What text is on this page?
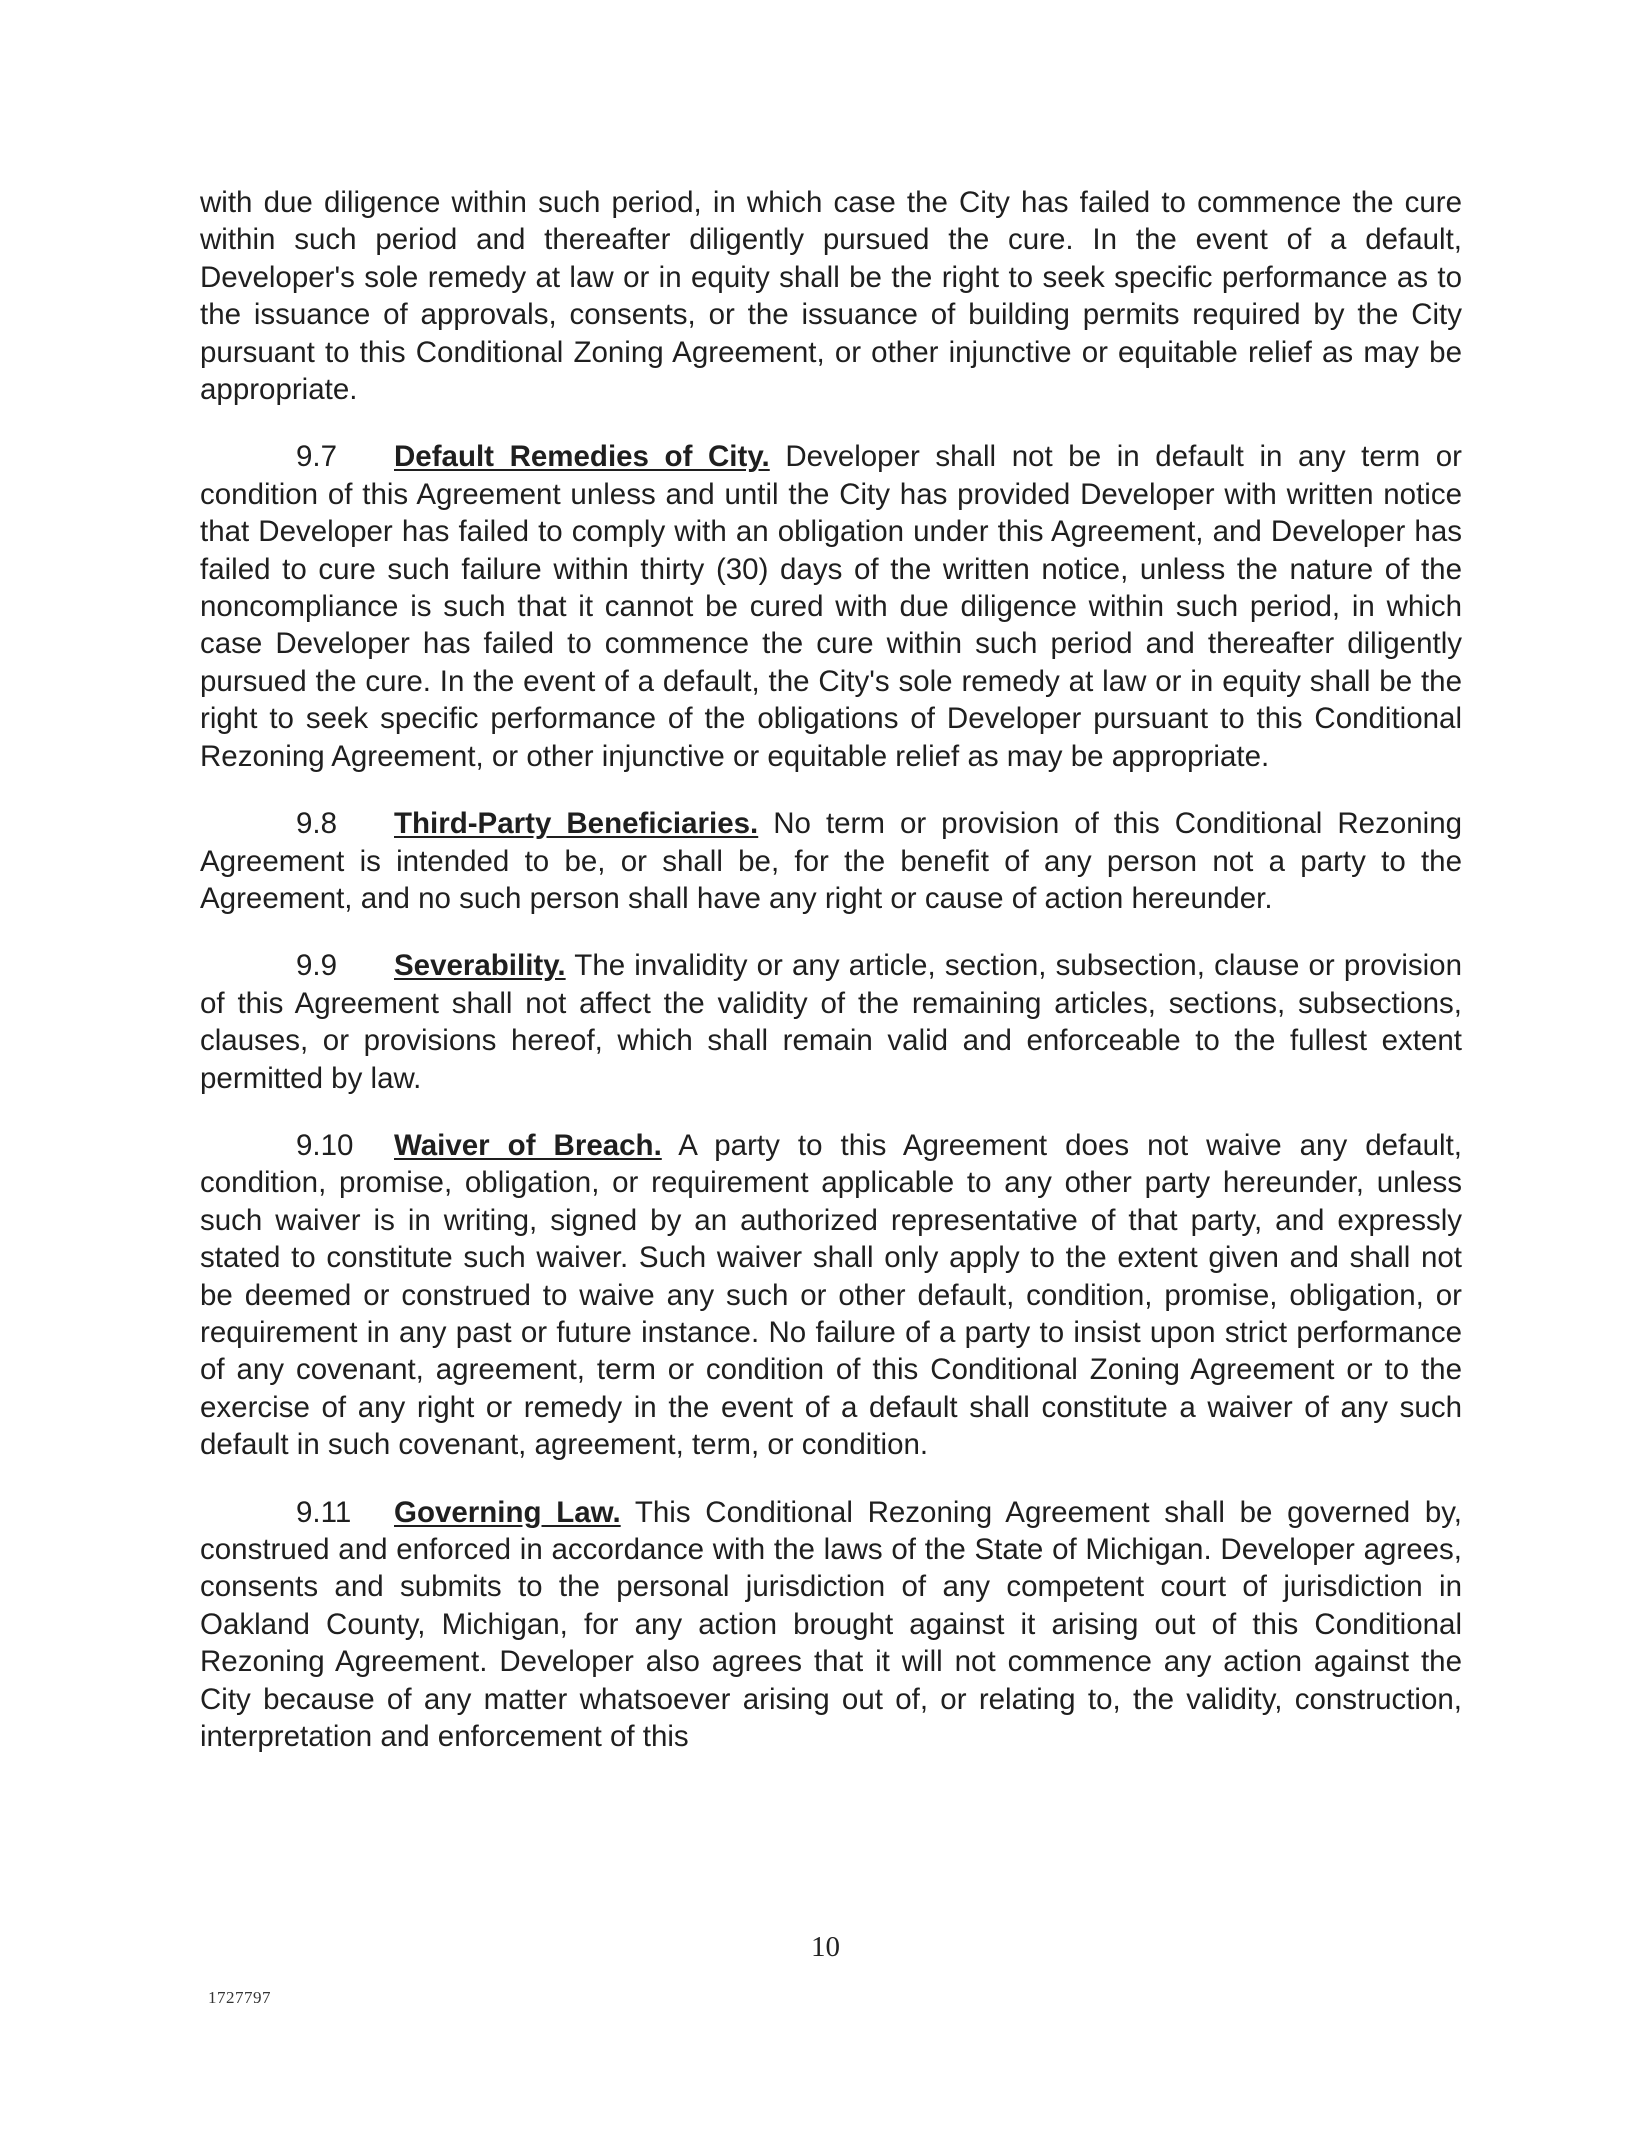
with due diligence within such period, in which case the City has failed to commence the cure within such period and thereafter diligently pursued the cure. In the event of a default, Developer's sole remedy at law or in equity shall be the right to seek specific performance as to the issuance of approvals, consents, or the issuance of building permits required by the City pursuant to this Conditional Zoning Agreement, or other injunctive or equitable relief as may be appropriate.

9.7 Default Remedies of City. Developer shall not be in default in any term or condition of this Agreement unless and until the City has provided Developer with written notice that Developer has failed to comply with an obligation under this Agreement, and Developer has failed to cure such failure within thirty (30) days of the written notice, unless the nature of the noncompliance is such that it cannot be cured with due diligence within such period, in which case Developer has failed to commence the cure within such period and thereafter diligently pursued the cure. In the event of a default, the City's sole remedy at law or in equity shall be the right to seek specific performance of the obligations of Developer pursuant to this Conditional Rezoning Agreement, or other injunctive or equitable relief as may be appropriate.

9.8 Third-Party Beneficiaries. No term or provision of this Conditional Rezoning Agreement is intended to be, or shall be, for the benefit of any person not a party to the Agreement, and no such person shall have any right or cause of action hereunder.

9.9 Severability. The invalidity or any article, section, subsection, clause or provision of this Agreement shall not affect the validity of the remaining articles, sections, subsections, clauses, or provisions hereof, which shall remain valid and enforceable to the fullest extent permitted by law.

9.10 Waiver of Breach. A party to this Agreement does not waive any default, condition, promise, obligation, or requirement applicable to any other party hereunder, unless such waiver is in writing, signed by an authorized representative of that party, and expressly stated to constitute such waiver. Such waiver shall only apply to the extent given and shall not be deemed or construed to waive any such or other default, condition, promise, obligation, or requirement in any past or future instance. No failure of a party to insist upon strict performance of any covenant, agreement, term or condition of this Conditional Zoning Agreement or to the exercise of any right or remedy in the event of a default shall constitute a waiver of any such default in such covenant, agreement, term, or condition.

9.11 Governing Law. This Conditional Rezoning Agreement shall be governed by, construed and enforced in accordance with the laws of the State of Michigan. Developer agrees, consents and submits to the personal jurisdiction of any competent court of jurisdiction in Oakland County, Michigan, for any action brought against it arising out of this Conditional Rezoning Agreement. Developer also agrees that it will not commence any action against the City because of any matter whatsoever arising out of, or relating to, the validity, construction, interpretation and enforcement of this

10
1727797
